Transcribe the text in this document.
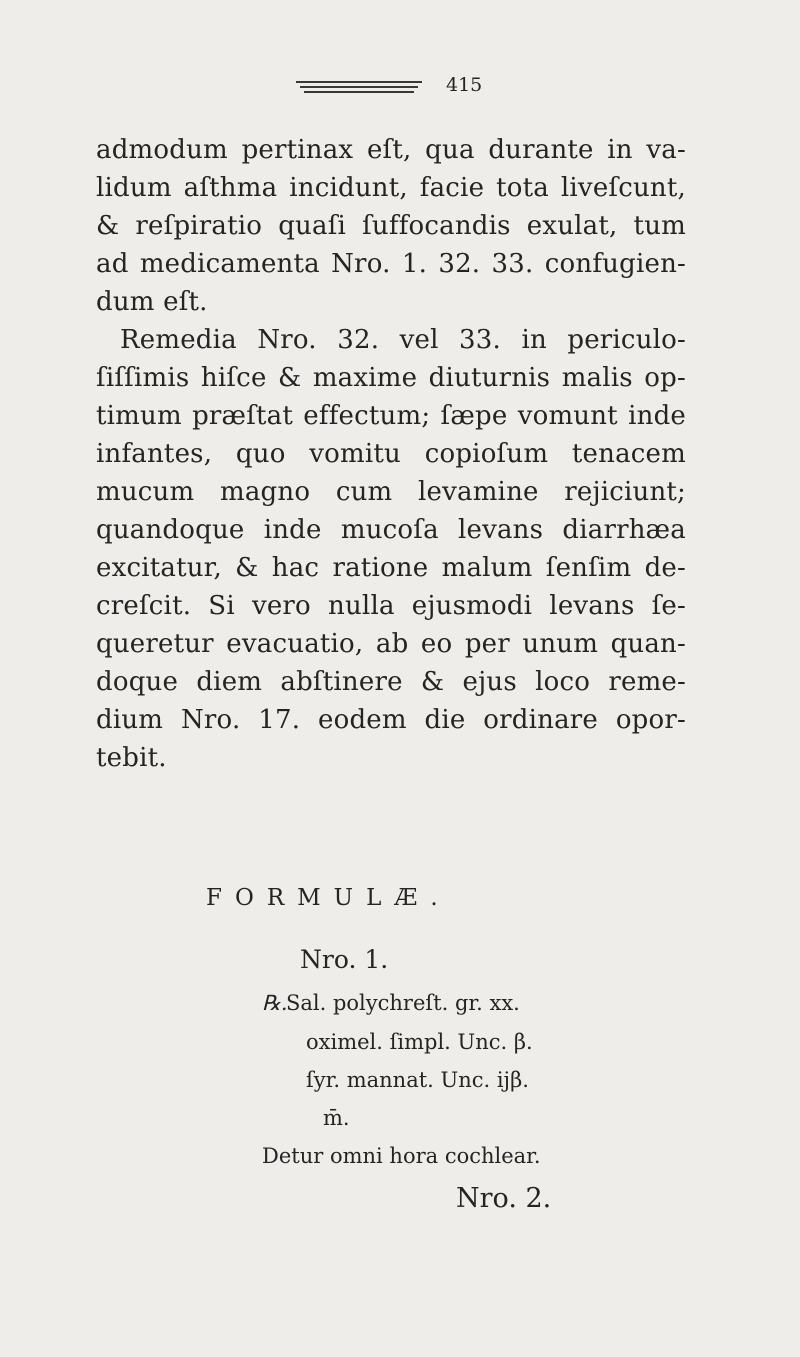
415
admodum pertinax eſt, qua durante in va-
lidum aſthma incidunt, facie tota liveſcunt,
& reſpiratio quaſi ſuffocandis exulat, tum
ad medicamenta Nro. 1. 32. 33. confugien-
dum eſt.
Remedia Nro. 32. vel 33. in periculo-
ſiſſimis hiſce & maxime diuturnis malis op-
timum præſtat effectum; ſæpe vomunt inde
infantes, quo vomitu copioſum tenacem
mucum magno cum levamine rejiciunt;
quandoque inde mucoſa levans diarrhæa
excitatur, & hac ratione malum ſenſim de-
creſcit. Si vero nulla ejusmodi levans ſe-
queretur evacuatio, ab eo per unum quan-
doque diem abſtinere & ejus loco reme-
dium Nro. 17. eodem die ordinare opor-
tebit.
FORMULÆ.
Nro. 1.
℞.
Sal. polychreſt. gr. xx.
oximel. ſimpl. Unc. β.
ſyr. mannat. Unc. ijβ.
m̄.
Detur omni hora cochlear.
Nro. 2.
